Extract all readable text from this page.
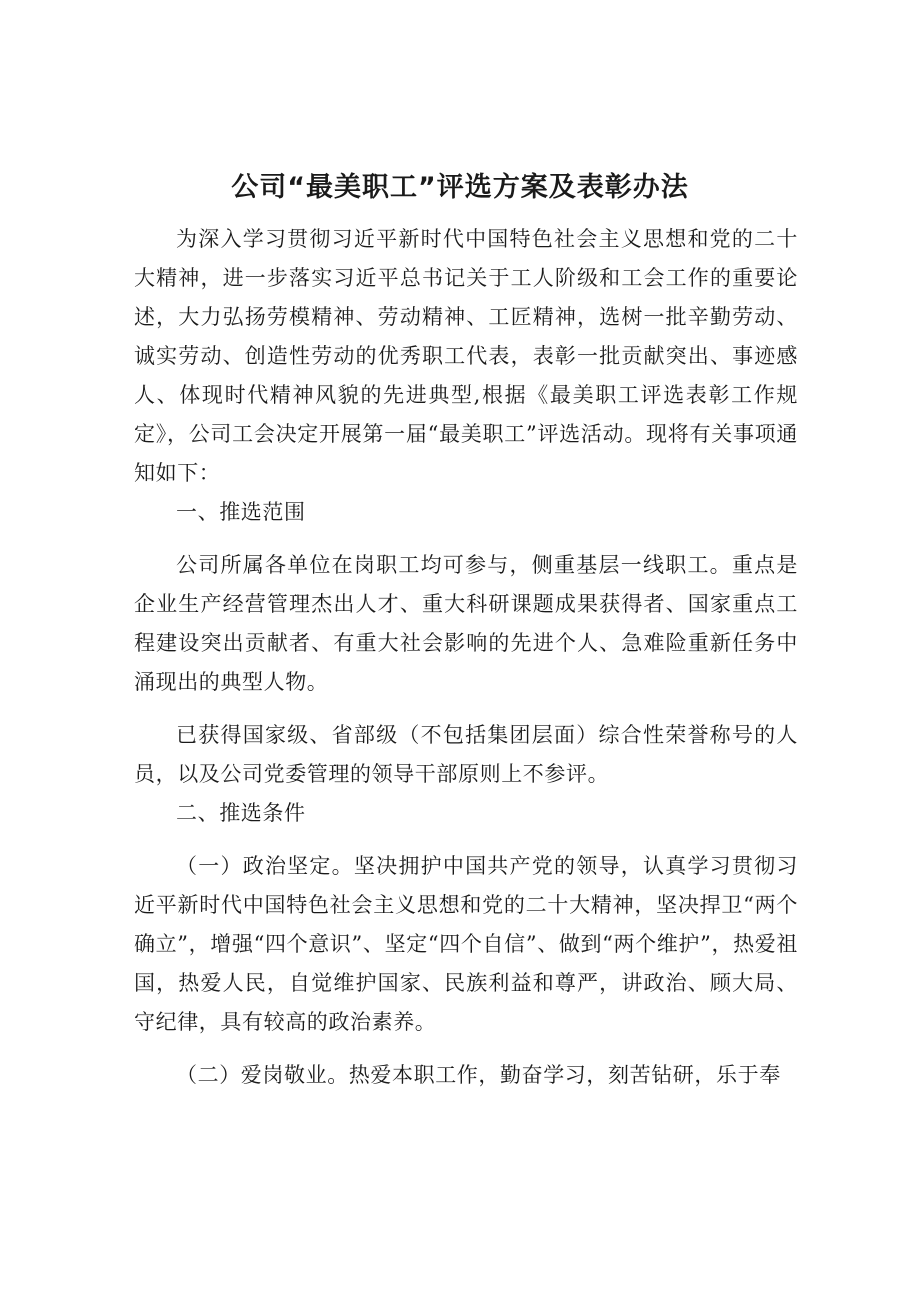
公司“最美职工”评选方案及表彰办法

为深入学习贯彻习近平新时代中国特色社会主义思想和党的二十大精神，进一步落实习近平总书记关于工人阶级和工会工作的重要论述，大力弘扬劳模精神、劳动精神、工匠精神，选树一批辛勤劳动、诚实劳动、创造性劳动的优秀职工代表，表彰一批贡献突出、事迹感人、体现时代精神风貌的先进典型,根据《最美职工评选表彰工作规定》，公司工会决定开展第一届“最美职工”评选活动。现将有关事项通知如下：

一、推选范围

公司所属各单位在岗职工均可参与，侧重基层一线职工。重点是企业生产经营管理杰出人才、重大科研课题成果获得者、国家重点工程建设突出贡献者、有重大社会影响的先进个人、急难险重新任务中涌现出的典型人物。

已获得国家级、省部级（不包括集团层面）综合性荣誉称号的人员，以及公司党委管理的领导干部原则上不参评。

二、推选条件

（一）政治坚定。坚决拥护中国共产党的领导，认真学习贯彻习近平新时代中国特色社会主义思想和党的二十大精神，坚决捍卫“两个确立”，增强“四个意识”、坚定“四个自信”、做到“两个维护”，热爱祖国，热爱人民，自觉维护国家、民族利益和尊严，讲政治、顾大局、守纪律，具有较高的政治素养。

（二）爱岗敬业。热爱本职工作，勤奋学习，刻苦钻研，乐于奉
